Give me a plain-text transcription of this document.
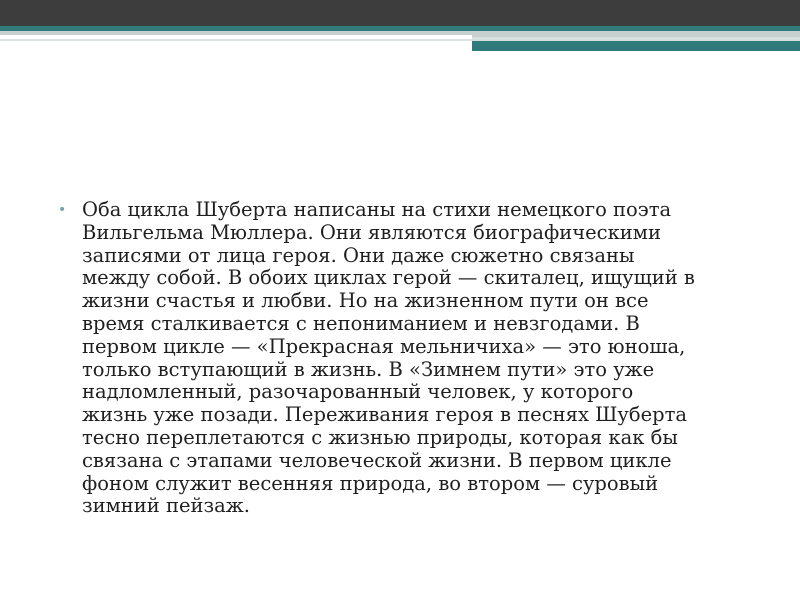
• Оба цикла Шуберта написаны на стихи немецкого поэта
Вильгельма Мюллера. Они являются биографическими
записями от лица героя. Они даже сюжетно связаны
между собой. В обоих циклах герой — скиталец, ищущий в
жизни счастья и любви. Но на жизненном пути он все
время сталкивается с непониманием и невзгодами. В
первом цикле — «Прекрасная мельничиха» — это юноша,
только вступающий в жизнь. В «Зимнем пути» это уже
надломленный, разочарованный человек, у которого
жизнь уже позади. Переживания героя в песнях Шуберта
тесно переплетаются с жизнью природы, которая как бы
связана с этапами человеческой жизни. В первом цикле
фоном служит весенняя природа, во втором — суровый
зимний пейзаж.
